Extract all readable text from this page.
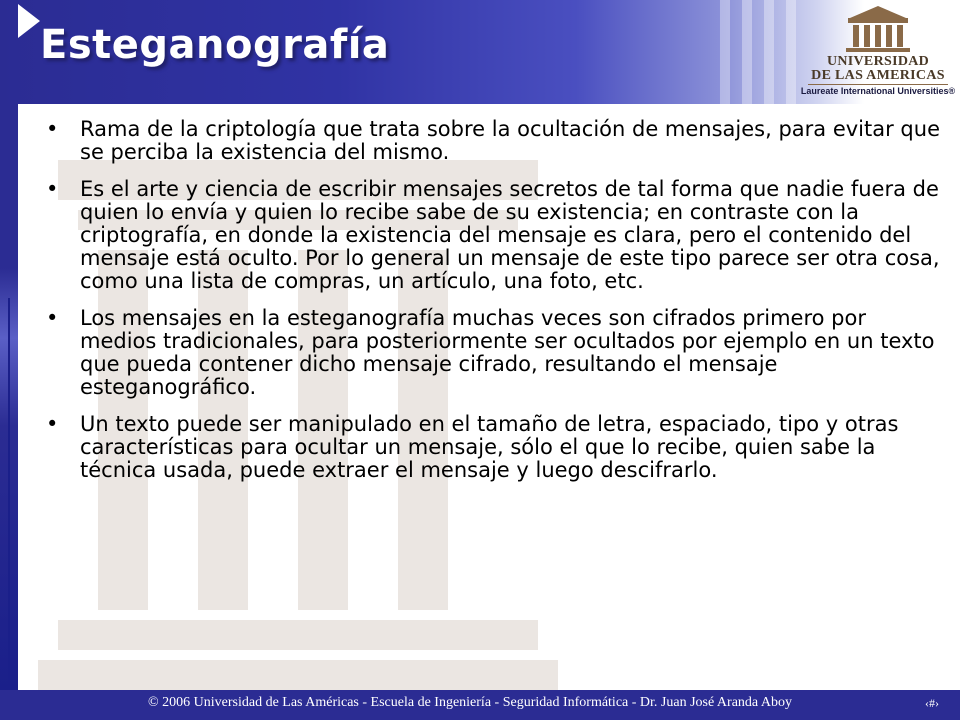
Esteganografía	UNIVERSIDAD
DE LAS AMERICAS
Laureate International Universities®
• Rama de la criptología que trata sobre la ocultación de mensajes, para evitar que se perciba la existencia del mismo.
• Es el arte y ciencia de escribir mensajes secretos de tal forma que nadie fuera de quien lo envía y quien lo recibe sabe de su existencia; en contraste con la criptografía, en donde la existencia del mensaje es clara, pero el contenido del mensaje está oculto. Por lo general un mensaje de este tipo parece ser otra cosa, como una lista de compras, un artículo, una foto, etc.
• Los mensajes en la esteganografía muchas veces son cifrados primero por medios tradicionales, para posteriormente ser ocultados por ejemplo en un texto que pueda contener dicho mensaje cifrado, resultando el mensaje esteganográfico.
• Un texto puede ser manipulado en el tamaño de letra, espaciado, tipo y otras características para ocultar un mensaje, sólo el que lo recibe, quien sabe la técnica usada, puede extraer el mensaje y luego descifrarlo.
© 2006 Universidad de Las Américas - Escuela de Ingeniería - Seguridad Informática - Dr. Juan José Aranda Aboy	‹#›
